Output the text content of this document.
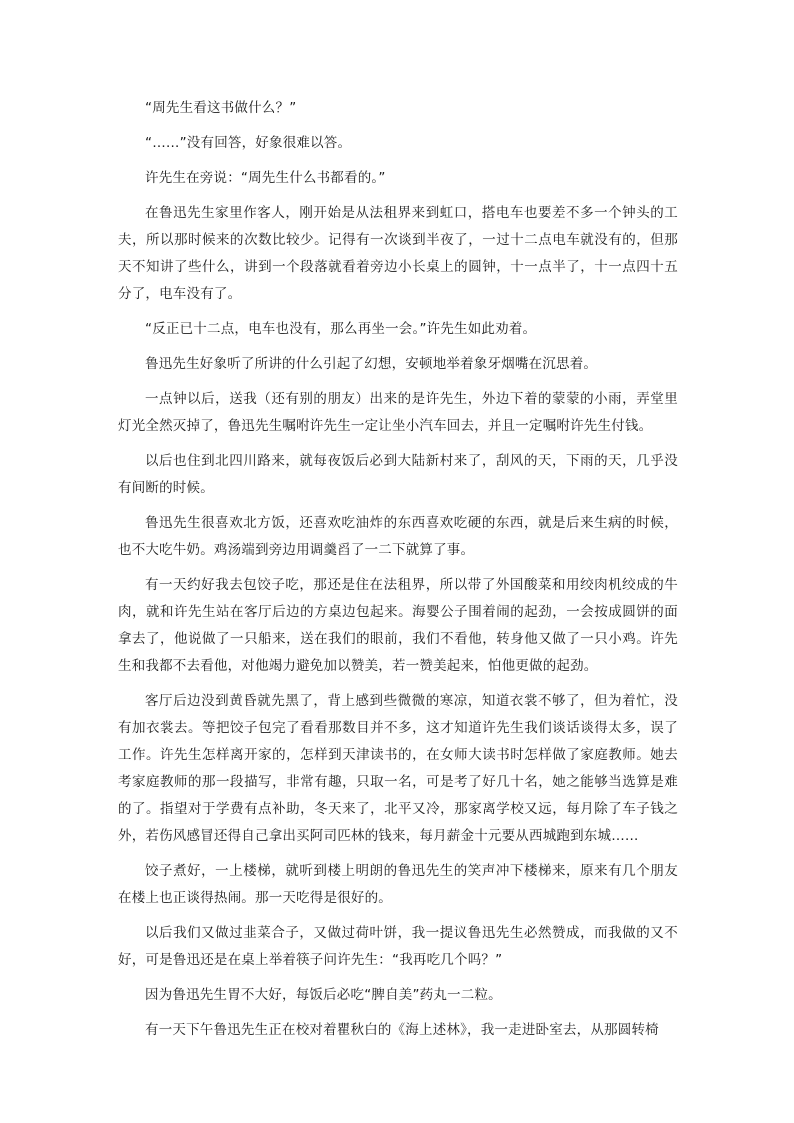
“周先生看这书做什么？”

“……”没有回答，好象很难以答。

许先生在旁说：“周先生什么书都看的。”

在鲁迅先生家里作客人，刚开始是从法租界来到虹口，搭电车也要差不多一个钟头的工夫，所以那时候来的次数比较少。记得有一次谈到半夜了，一过十二点电车就没有的，但那天不知讲了些什么，讲到一个段落就看着旁边小长桌上的圆钟，十一点半了，十一点四十五分了，电车没有了。

“反正已十二点，电车也没有，那么再坐一会。”许先生如此劝着。

鲁迅先生好象听了所讲的什么引起了幻想，安顿地举着象牙烟嘴在沉思着。

一点钟以后，送我（还有别的朋友）出来的是许先生，外边下着的蒙蒙的小雨，弄堂里灯光全然灭掉了，鲁迅先生嘱咐许先生一定让坐小汽车回去，并且一定嘱咐许先生付钱。

以后也住到北四川路来，就每夜饭后必到大陆新村来了，刮风的天，下雨的天，几乎没有间断的时候。

鲁迅先生很喜欢北方饭，还喜欢吃油炸的东西喜欢吃硬的东西，就是后来生病的时候，也不大吃牛奶。鸡汤端到旁边用调羹舀了一二下就算了事。

有一天约好我去包饺子吃，那还是住在法租界，所以带了外国酸菜和用绞肉机绞成的牛肉，就和许先生站在客厅后边的方桌边包起来。海婴公子围着闹的起劲，一会按成圆饼的面拿去了，他说做了一只船来，送在我们的眼前，我们不看他，转身他又做了一只小鸡。许先生和我都不去看他，对他竭力避免加以赞美，若一赞美起来，怕他更做的起劲。

客厅后边没到黄昏就先黑了，背上感到些微微的寒凉，知道衣裳不够了，但为着忙，没有加衣裳去。等把饺子包完了看看那数目并不多，这才知道许先生我们谈话谈得太多，误了工作。许先生怎样离开家的，怎样到天津读书的，在女师大读书时怎样做了家庭教师。她去考家庭教师的那一段描写，非常有趣，只取一名，可是考了好几十名，她之能够当选算是难的了。指望对于学费有点补助，冬天来了，北平又冷，那家离学校又远，每月除了车子钱之外，若伤风感冒还得自己拿出买阿司匹林的钱来，每月薪金十元要从西城跑到东城……

饺子煮好，一上楼梯，就听到楼上明朗的鲁迅先生的笑声冲下楼梯来，原来有几个朋友在楼上也正谈得热闹。那一天吃得是很好的。

以后我们又做过韭菜合子，又做过荷叶饼，我一提议鲁迅先生必然赞成，而我做的又不好，可是鲁迅还是在桌上举着筷子问许先生：“我再吃几个吗？”

因为鲁迅先生胃不大好，每饭后必吃“脾自美”药丸一二粒。

有一天下午鲁迅先生正在校对着瞿秋白的《海上述林》，我一走进卧室去，从那圆转椅
